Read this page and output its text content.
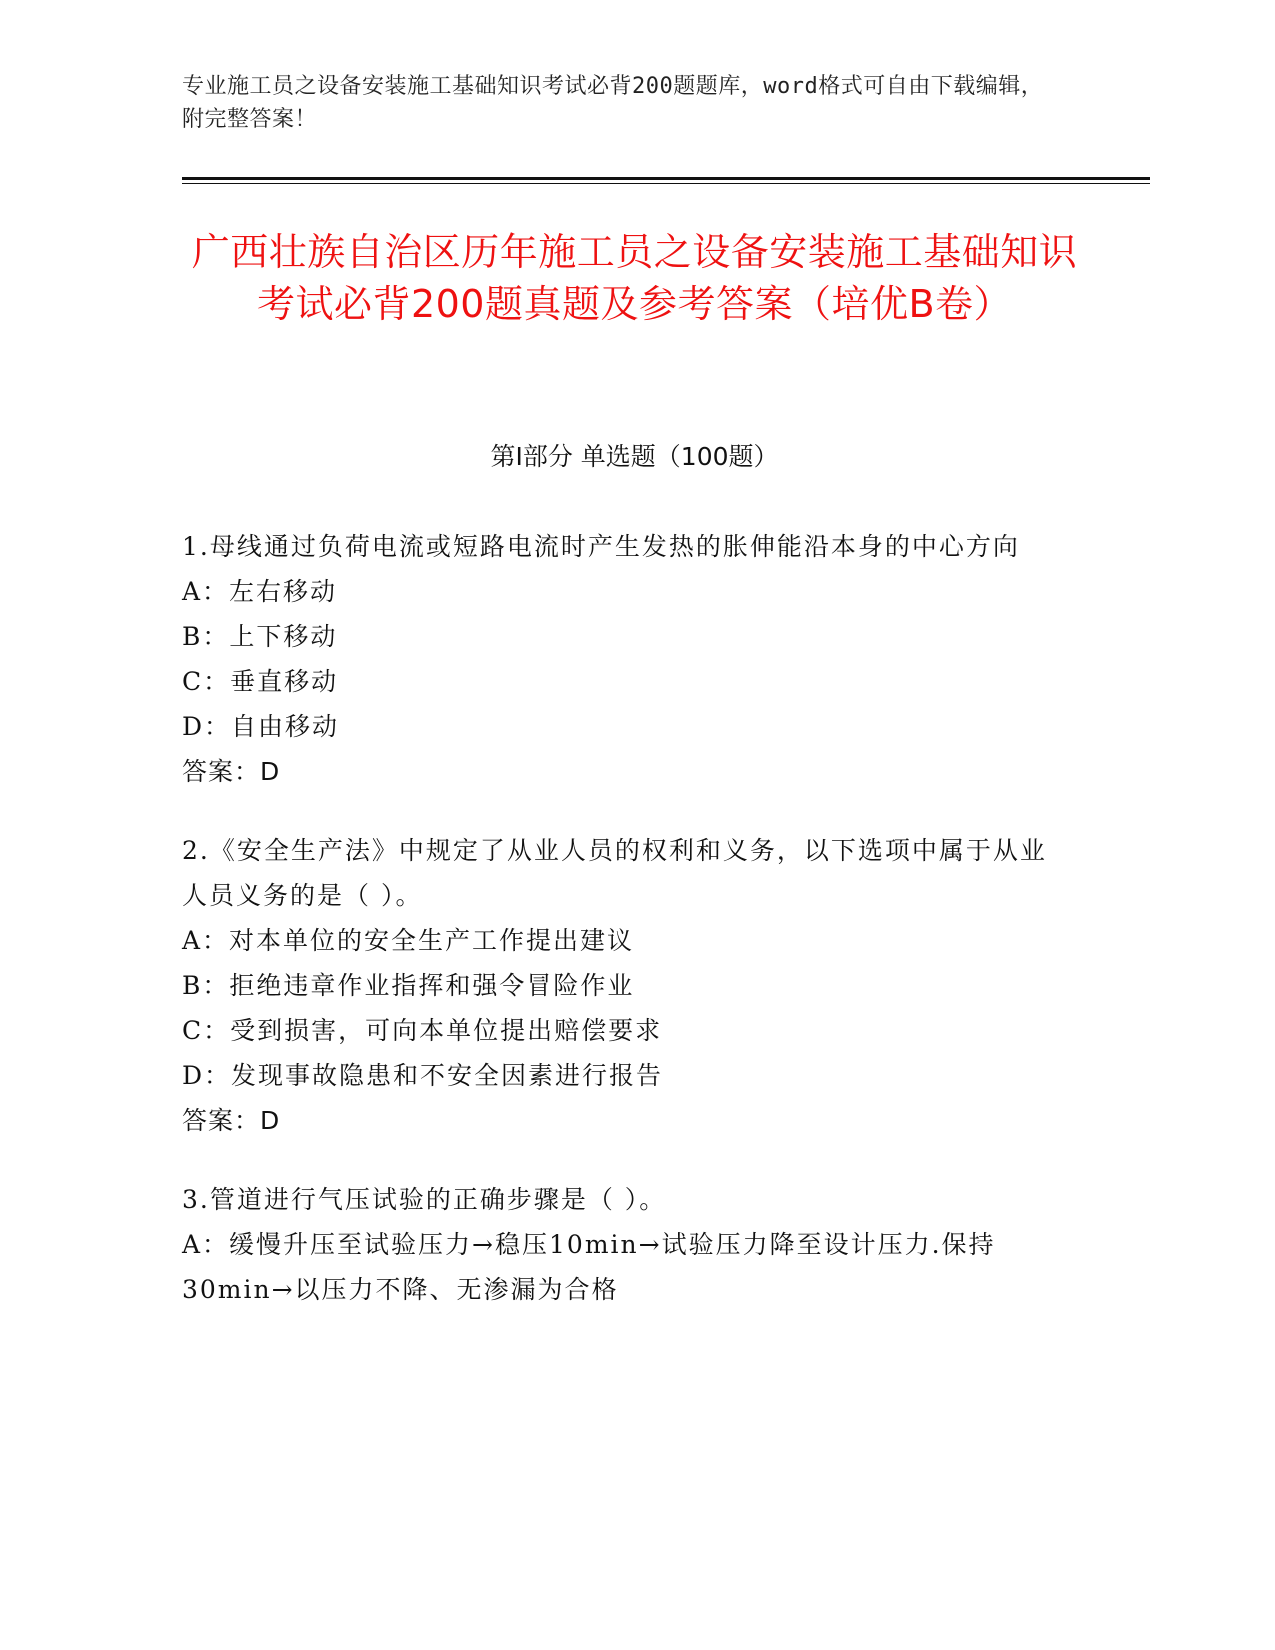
专业施工员之设备安装施工基础知识考试必背200题题库，word格式可自由下载编辑，附完整答案！
广西壮族自治区历年施工员之设备安装施工基础知识考试必背200题真题及参考答案（培优B卷）
第Ⅰ部分 单选题（100题）
1.母线通过负荷电流或短路电流时产生发热的胀伸能沿本身的中心方向
A：左右移动
B：上下移动
C：垂直移动
D：自由移动
答案：D
2.《安全生产法》中规定了从业人员的权利和义务，以下选项中属于从业人员义务的是（ ）。
A：对本单位的安全生产工作提出建议
B：拒绝违章作业指挥和强令冒险作业
C：受到损害，可向本单位提出赔偿要求
D：发现事故隐患和不安全因素进行报告
答案：D
3.管道进行气压试验的正确步骤是（ ）。
A：缓慢升压至试验压力→稳压10min→试验压力降至设计压力.保持30min→以压力不降、无渗漏为合格
